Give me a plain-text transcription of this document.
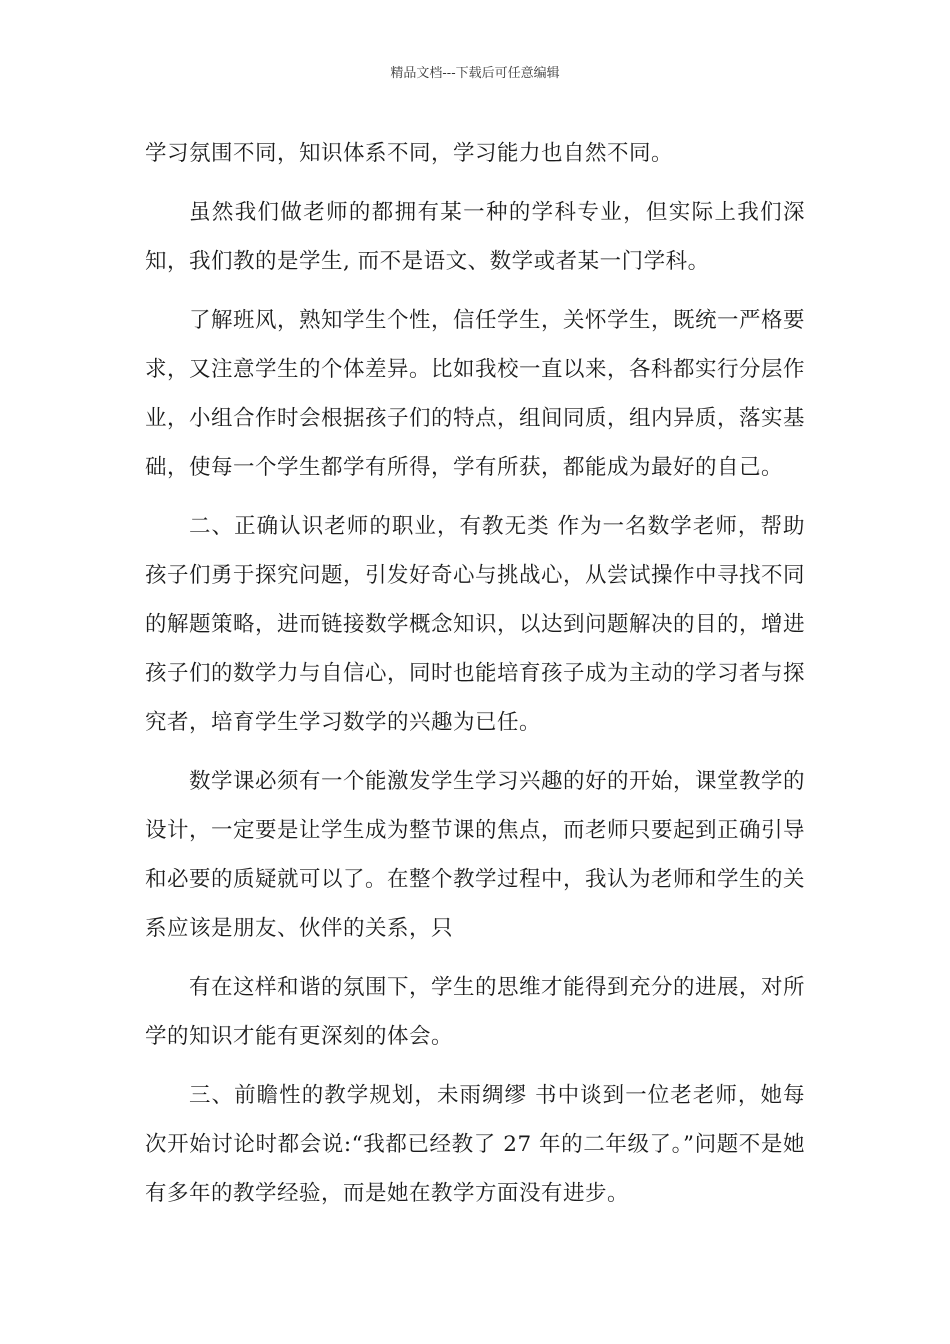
精品文档---下载后可任意编辑

学习氛围不同，知识体系不同，学习能力也自然不同。

虽然我们做老师的都拥有某一种的学科专业，但实际上我们深知，我们教的是学生, 而不是语文、数学或者某一门学科。

了解班风，熟知学生个性，信任学生，关怀学生，既统一严格要求，又注意学生的个体差异。比如我校一直以来，各科都实行分层作业，小组合作时会根据孩子们的特点，组间同质，组内异质，落实基础，使每一个学生都学有所得，学有所获，都能成为最好的自己。

二、正确认识老师的职业，有教无类 作为一名数学老师，帮助孩子们勇于探究问题，引发好奇心与挑战心，从尝试操作中寻找不同的解题策略，进而链接数学概念知识，以达到问题解决的目的，增进孩子们的数学力与自信心，同时也能培育孩子成为主动的学习者与探究者，培育学生学习数学的兴趣为已任。

数学课必须有一个能激发学生学习兴趣的好的开始，课堂教学的设计，一定要是让学生成为整节课的焦点，而老师只要起到正确引导和必要的质疑就可以了。在整个教学过程中，我认为老师和学生的关系应该是朋友、伙伴的关系，只

有在这样和谐的氛围下，学生的思维才能得到充分的进展，对所学的知识才能有更深刻的体会。

三、前瞻性的教学规划，未雨绸缪 书中谈到一位老老师，她每次开始讨论时都会说:“我都已经教了 27 年的二年级了。”问题不是她有多年的教学经验，而是她在教学方面没有进步。
